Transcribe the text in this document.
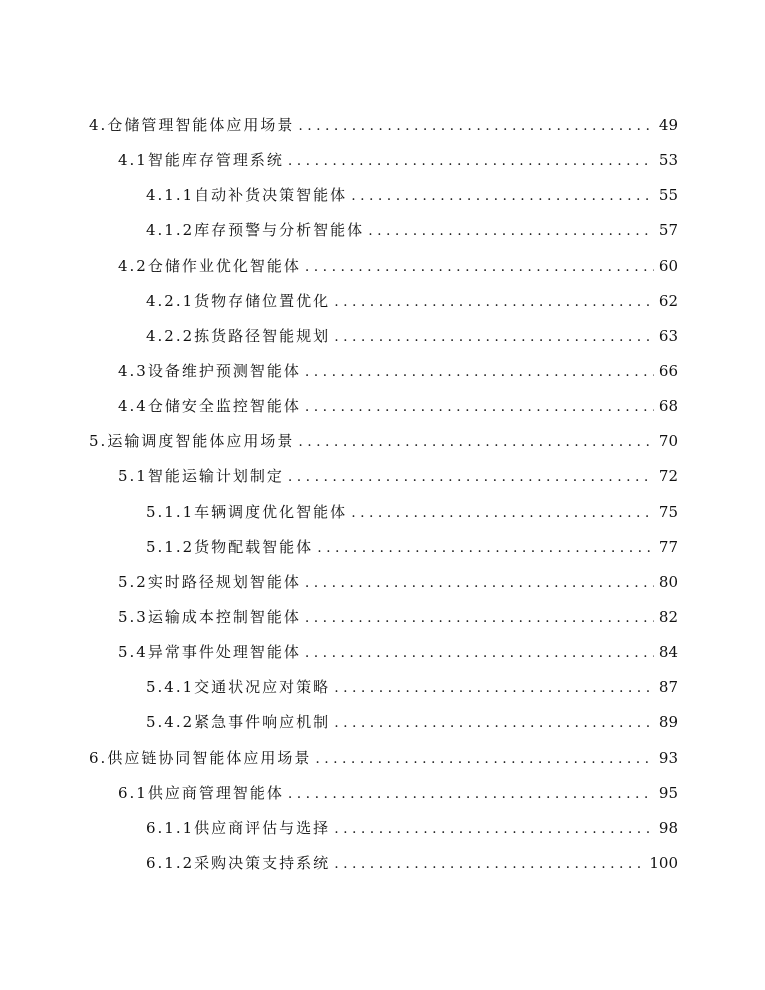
4. 仓储管理智能体应用场景 . . .	49
4.1 智能库存管理系统 . . .	53
4.1.1 自动补货决策智能体 . . .	55
4.1.2 库存预警与分析智能体 . . .	57
4.2 仓储作业优化智能体 . . .	60
4.2.1 货物存储位置优化 . . .	62
4.2.2 拣货路径智能规划 . . .	63
4.3 设备维护预测智能体 . . .	66
4.4 仓储安全监控智能体 . . .	68
5. 运输调度智能体应用场景 . . .	70
5.1 智能运输计划制定 . . .	72
5.1.1 车辆调度优化智能体 . . .	75
5.1.2 货物配载智能体 . . .	77
5.2 实时路径规划智能体 . . .	80
5.3 运输成本控制智能体 . . .	82
5.4 异常事件处理智能体 . . .	84
5.4.1 交通状况应对策略 . . .	87
5.4.2 紧急事件响应机制 . . .	89
6. 供应链协同智能体应用场景 . . .	93
6.1 供应商管理智能体 . . .	95
6.1.1 供应商评估与选择 . . .	98
6.1.2 采购决策支持系统 . . .	100
